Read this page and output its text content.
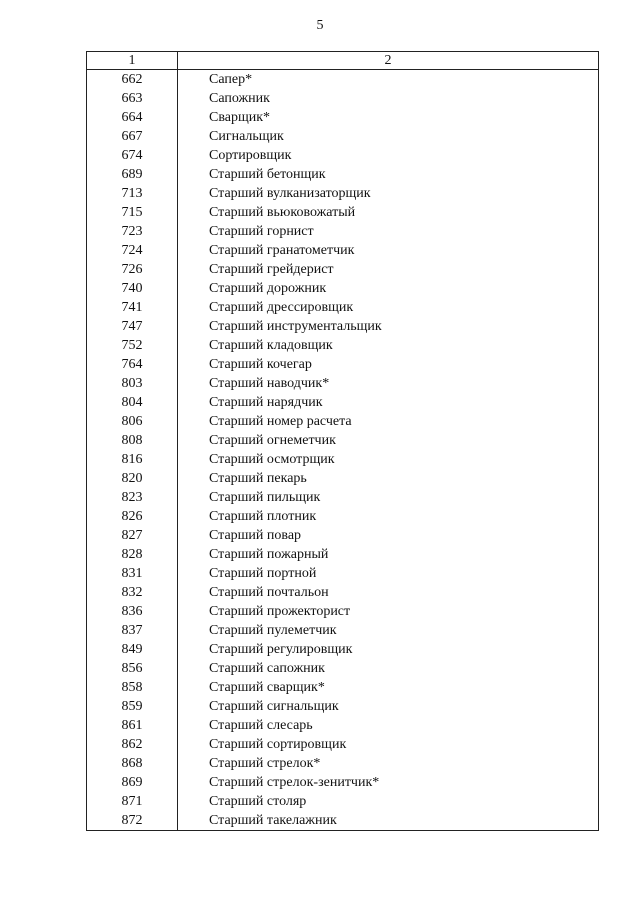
5
1	2
662	Сапер*
663	Сапожник
664	Сварщик*
667	Сигнальщик
674	Сортировщик
689	Старший бетонщик
713	Старший вулканизаторщик
715	Старший вьюковожатый
723	Старший горнист
724	Старший гранатометчик
726	Старший грейдерист
740	Старший дорожник
741	Старший дрессировщик
747	Старший инструментальщик
752	Старший кладовщик
764	Старший кочегар
803	Старший наводчик*
804	Старший нарядчик
806	Старший номер расчета
808	Старший огнеметчик
816	Старший осмотрщик
820	Старший пекарь
823	Старший пильщик
826	Старший плотник
827	Старший повар
828	Старший пожарный
831	Старший портной
832	Старший почтальон
836	Старший прожекторист
837	Старший пулеметчик
849	Старший регулировщик
856	Старший сапожник
858	Старший сварщик*
859	Старший сигнальщик
861	Старший слесарь
862	Старший сортировщик
868	Старший стрелок*
869	Старший стрелок-зенитчик*
871	Старший столяр
872	Старший такелажник
